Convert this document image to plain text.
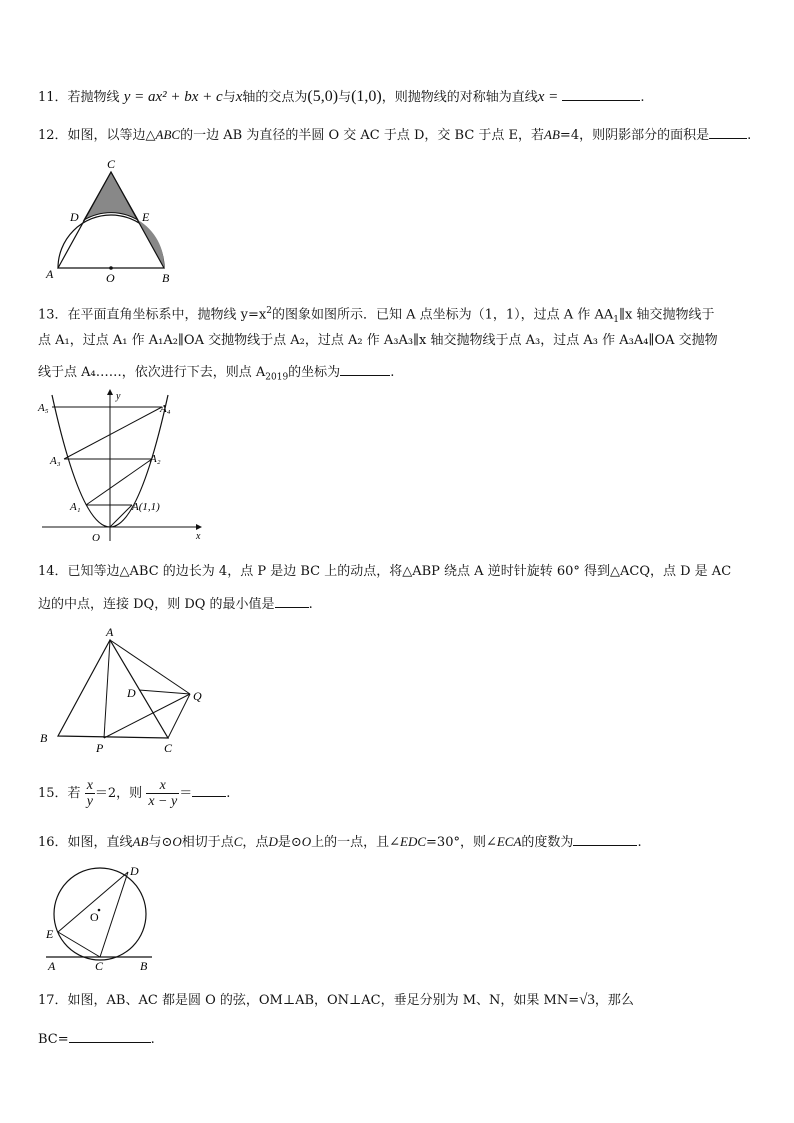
11．若抛物线 y = ax² + bx + c与x轴的交点为(5,0)与(1,0)，则抛物线的对称轴为直线x =	.
12．如图，以等边△ABC的一边 AB 为直径的半圆 O 交 AC 于点 D，交 BC 于点 E，若AB=4，则阴影部分的面积是	.
C
D	E
A	O	B
13．在平面直角坐标系中，抛物线 $y=x^2$的图象如图所示．已知 A 点坐标为（1，1），过点 A 作 $AA_1\parallel x$ 轴交抛物线于
点 A₁，过点 A₁ 作 A₁A₂∥OA 交抛物线于点 A₂，过点 A₂ 作 A₃A₃∥x 轴交抛物线于点 A₃，过点 A₃ 作 A₃A₄∥OA 交抛物
线于点 A₄……，依次进行下去，则点 $A_{2019}$的坐标为	.
A₅	A₄
A₃	A₂
A₁	A(1,1)
O
y
x
14．已知等边△ABC 的边长为 4，点 P 是边 BC 上的动点，将△ABP 绕点 A 逆时针旋转 60° 得到△ACQ，点 D 是 AC
边的中点，连接 DQ，则 DQ 的最小值是	.
A
D	Q
B
P	C
15．若 $\frac{x}{y} =2$，则 $\frac{x}{x - y}$ ＝	.
16．如图，直线AB与⊙O相切于点C，点D是⊙O上的一点，且∠EDC=30°，则∠ECA的度数为	.
D
O
E
A	C	B
17．如图，AB、AC 都是圆 O 的弦，OM⊥AB，ON⊥AC，垂足分别为 M、N，如果 MN=√3，那么
BC=	.
